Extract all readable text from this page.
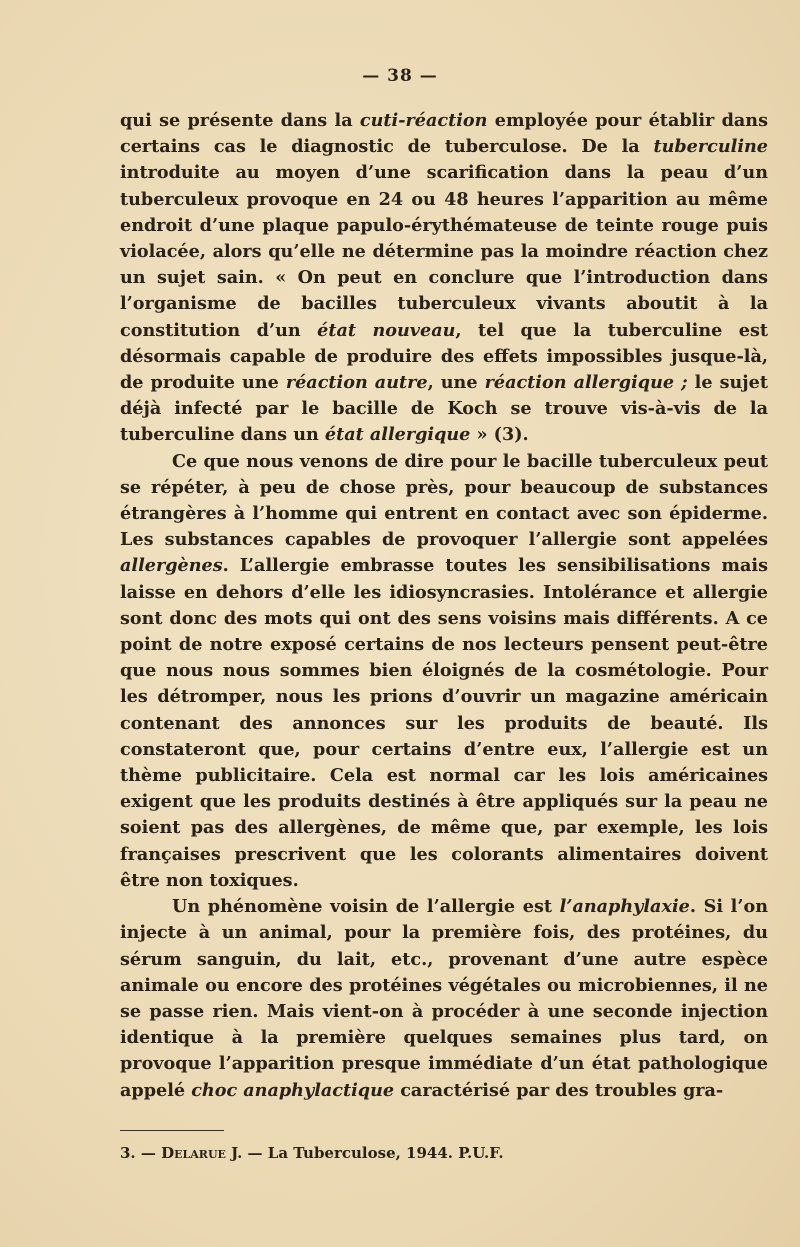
— 38 —

qui se présente dans la cuti-réaction employée pour établir dans certains cas le diagnostic de tuberculose. De la tuberculine introduite au moyen d’une scarification dans la peau d’un tuberculeux provoque en 24 ou 48 heures l’apparition au même endroit d’une plaque papulo-érythémateuse de teinte rouge puis violacée, alors qu’elle ne détermine pas la moindre réaction chez un sujet sain. « On peut en conclure que l’introduction dans l’organisme de bacilles tuberculeux vivants aboutit à la constitution d’un état nouveau, tel que la tuberculine est désormais capable de produire des effets impossibles jusque-là, de produite une réaction autre, une réaction allergique ; le sujet déjà infecté par le bacille de Koch se trouve vis-à-vis de la tuberculine dans un état allergique » (3).

Ce que nous venons de dire pour le bacille tuberculeux peut se répéter, à peu de chose près, pour beaucoup de substances étrangères à l’homme qui entrent en contact avec son épiderme. Les substances capables de provoquer l’allergie sont appelées allergènes. L’allergie embrasse toutes les sensibilisations mais laisse en dehors d’elle les idiosyncrasies. Intolérance et allergie sont donc des mots qui ont des sens voisins mais différents. A ce point de notre exposé certains de nos lecteurs pensent peut-être que nous nous sommes bien éloignés de la cosmétologie. Pour les détromper, nous les prions d’ouvrir un magazine américain contenant des annonces sur les produits de beauté. Ils constateront que, pour certains d’entre eux, l’allergie est un thème publicitaire. Cela est normal car les lois américaines exigent que les produits destinés à être appliqués sur la peau ne soient pas des allergènes, de même que, par exemple, les lois françaises prescrivent que les colorants alimentaires doivent être non toxiques.

Un phénomène voisin de l’allergie est l’anaphylaxie. Si l’on injecte à un animal, pour la première fois, des protéines, du sérum sanguin, du lait, etc., provenant d’une autre espèce animale ou encore des protéines végétales ou microbiennes, il ne se passe rien. Mais vient-on à procéder à une seconde injection identique à la première quelques semaines plus tard, on provoque l’apparition presque immédiate d’un état pathologique appelé choc anaphylactique caractérisé par des troubles gra-

3. — Delarue J. — La Tuberculose, 1944. P.U.F.
